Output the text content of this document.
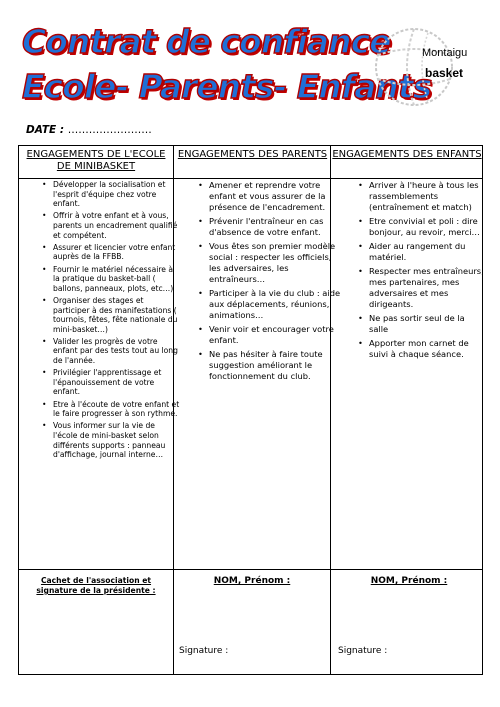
Contrat de confiance
Ecole- Parents- Enfants
Montaigu
basket
DATE : ……………………
ENGAGEMENTS DE L'ECOLE DE MINIBASKET
ENGAGEMENTS DES PARENTS ENGAGEMENTS DES ENFANTS
• Développer la socialisation et l'esprit d'équipe chez votre enfant.
• Offrir à votre enfant et à vous, parents un encadrement qualifié et compétent.
• Assurer et licencier votre enfant auprès de la FFBB.
• Fournir le matériel nécessaire à la pratique du basket-ball ( ballons, panneaux, plots, etc…)
• Organiser des stages et participer à des manifestations ( tournois, fêtes, fête nationale du mini-basket…)
• Valider les progrès de votre enfant par des tests tout au long de l'année.
• Privilégier l'apprentissage et l'épanouissement de votre enfant.
• Etre à l'écoute de votre enfant et le faire progresser à son rythme.
• Vous informer sur la vie de l'école de mini-basket selon différents supports : panneau d'affichage, journal interne…
• Amener et reprendre votre enfant et vous assurer de la présence de l'encadrement.
• Prévenir l'entraîneur en cas d'absence de votre enfant.
• Vous êtes son premier modèle social : respecter les officiels, les adversaires, les entraîneurs…
• Participer à la vie du club : aide aux déplacements, réunions, animations…
• Venir voir et encourager votre enfant.
• Ne pas hésiter à faire toute suggestion améliorant le fonctionnement du club.
• Arriver à l'heure à tous les rassemblements (entraînement et match)
• Etre convivial et poli : dire bonjour, au revoir, merci…
• Aider au rangement du matériel.
• Respecter mes entraîneurs, mes partenaires, mes adversaires et mes dirigeants.
• Ne pas sortir seul de la salle
• Apporter mon carnet de suivi à chaque séance.
Cachet de l'association et signature de la présidente :
NOM, Prénom :	NOM, Prénom :
Signature :	Signature :
